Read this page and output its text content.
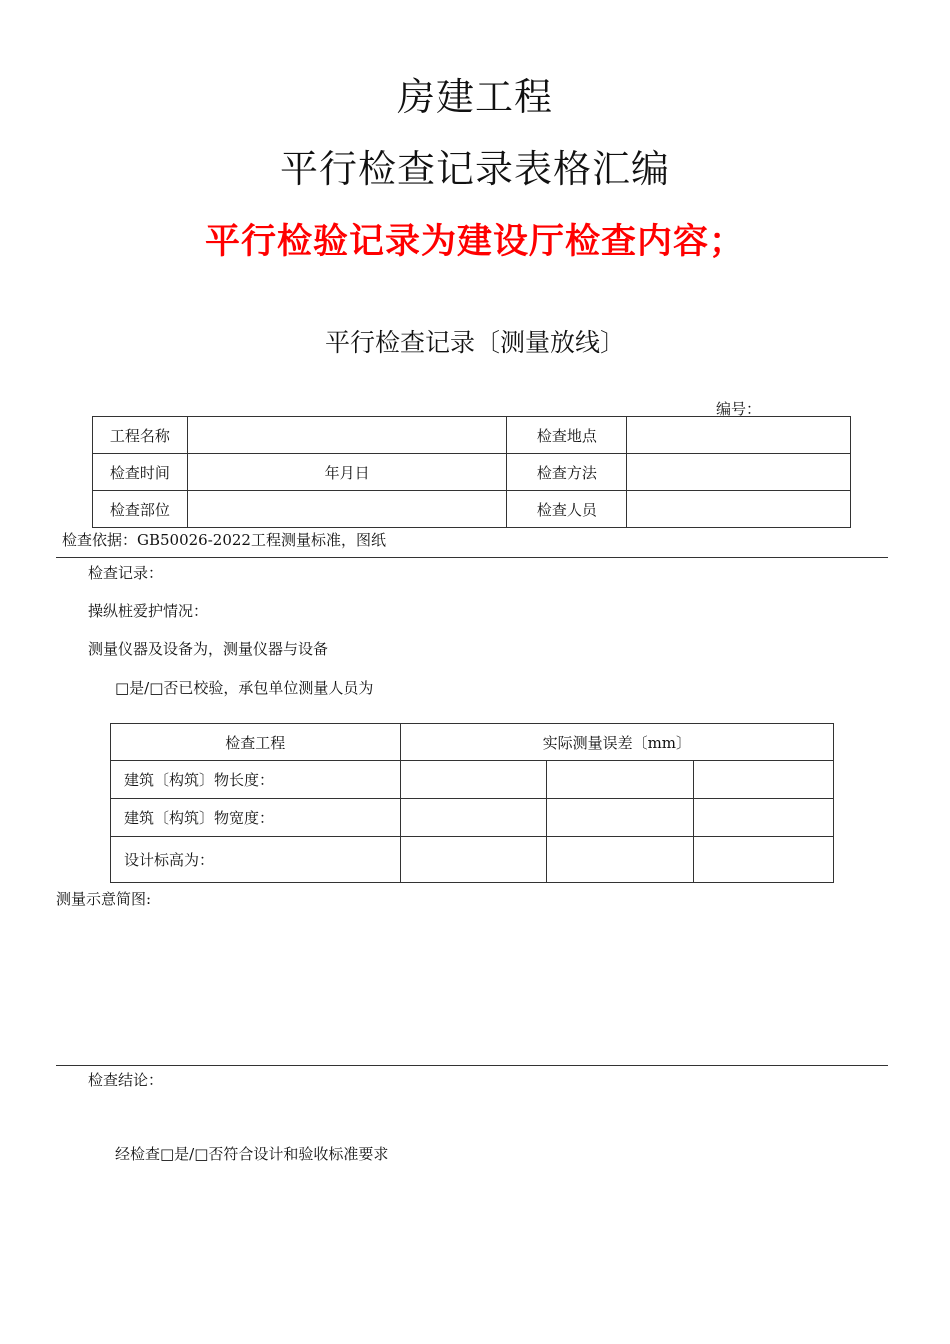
房建工程
平行检查记录表格汇编
平行检验记录为建设厅检查内容；
平行检查记录〔测量放线〕
编号：
工程名称		检查地点	
检查时间	年月日	检查方法	
检查部位		检查人员	
检查依据：GB50026-2022工程测量标准，图纸
检查记录：
操纵桩爱护情况：
测量仪器及设备为，测量仪器与设备
□是/□否已校验，承包单位测量人员为
检查工程	实际测量误差〔mm〕		
建筑〔构筑〕物长度：			
建筑〔构筑〕物宽度：			
设计标高为：			
测量示意简图:
检查结论：
经检查□是/□否符合设计和验收标准要求
